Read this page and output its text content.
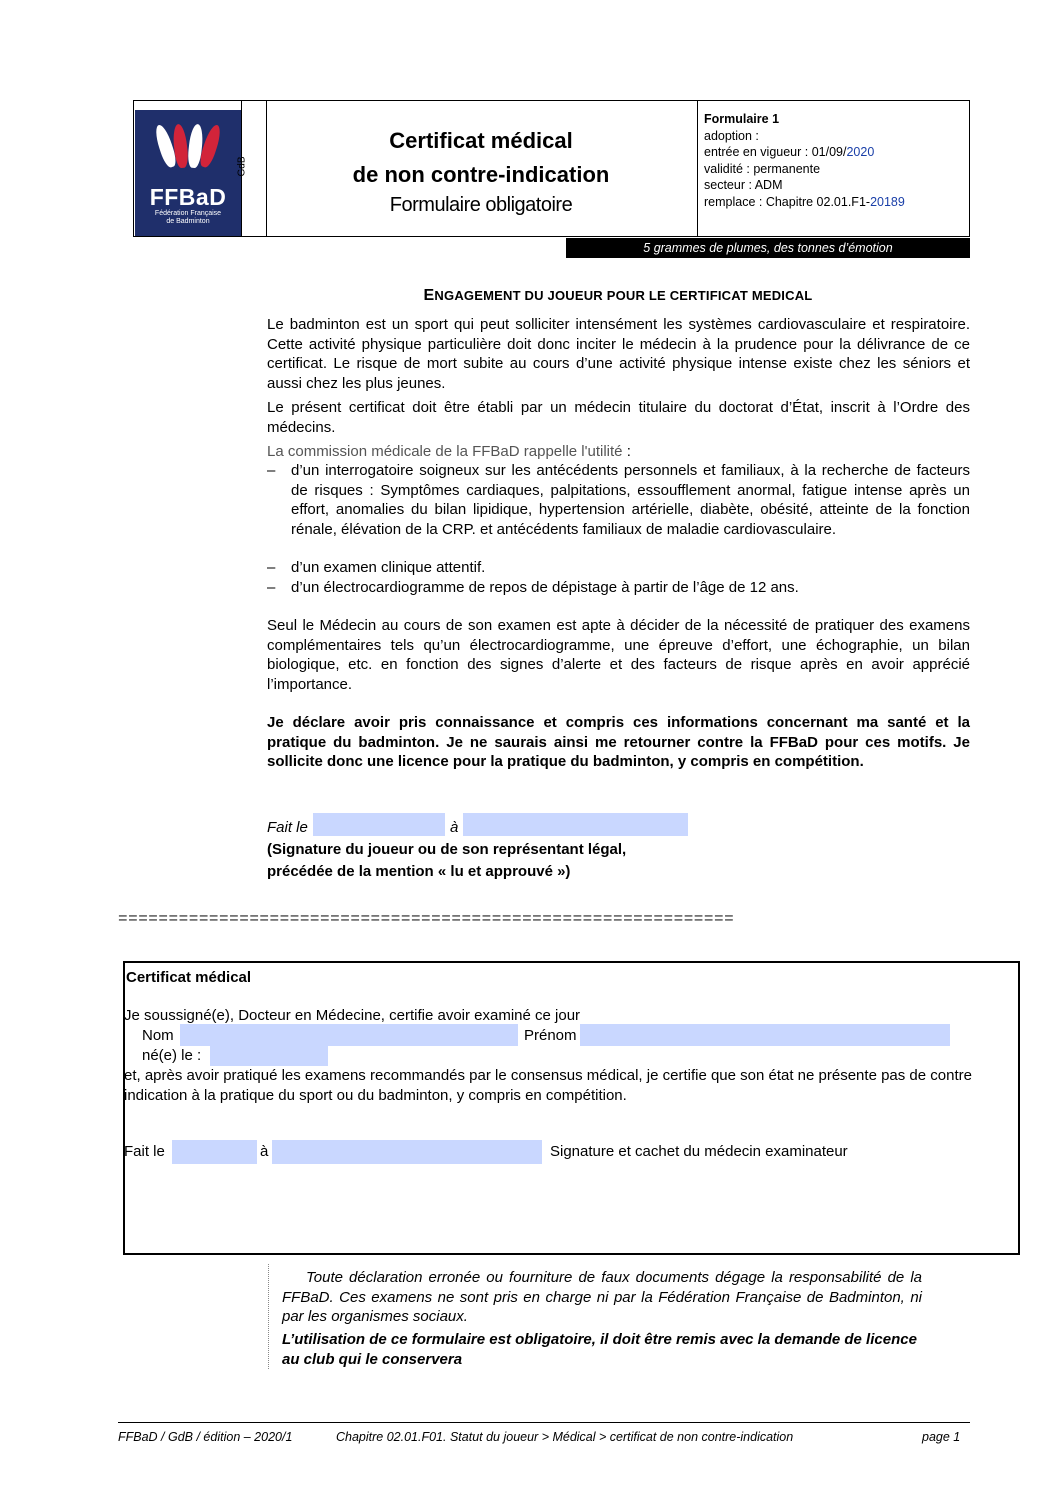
FFBaD
Fédération Française
de Badminton
GdB
Certificat médical
de non contre-indication
Formulaire obligatoire
Formulaire 1
adoption :
entrée en vigueur : 01/09/2020
validité : permanente
secteur : ADM
remplace : Chapitre 02.01.F1-20189
5 grammes de plumes, des tonnes d’émotion
ENGAGEMENT DU JOUEUR POUR LE CERTIFICAT MEDICAL
Le badminton est un sport qui peut solliciter intensément les systèmes cardiovasculaire et respiratoire. Cette activité physique particulière doit donc inciter le médecin à la prudence pour la délivrance de ce certificat. Le risque de mort subite au cours d’une activité physique intense existe chez les séniors et aussi chez les plus jeunes.
Le présent certificat doit être établi par un médecin titulaire du doctorat d’État, inscrit à l’Ordre des médecins.
La commission médicale de la FFBaD rappelle l'utilité :
– d’un interrogatoire soigneux sur les antécédents personnels et familiaux, à la recherche de facteurs de risques : Symptômes cardiaques, palpitations, essoufflement anormal, fatigue intense après un effort, anomalies du bilan lipidique, hypertension artérielle, diabète, obésité, atteinte de la fonction rénale, élévation de la CRP. et antécédents familiaux de maladie cardiovasculaire.
– d’un examen clinique attentif.
– d’un électrocardiogramme de repos de dépistage à partir de l’âge de 12 ans.
Seul le Médecin au cours de son examen est apte à décider de la nécessité de pratiquer des examens complémentaires tels qu’un électrocardiogramme, une épreuve d’effort, une échographie, un bilan biologique, etc. en fonction des signes d’alerte et des facteurs de risque après en avoir apprécié l’importance.
Je déclare avoir pris connaissance et compris ces informations concernant ma santé et la pratique du badminton. Je ne saurais ainsi me retourner contre la FFBaD pour ces motifs. Je sollicite donc une licence pour la pratique du badminton, y compris en compétition.
Fait le	à
(Signature du joueur ou de son représentant légal,
précédée de la mention « lu et approuvé »)
=============================================================
Certificat médical
Je soussigné(e), Docteur en Médecine, certifie avoir examiné ce jour
Nom	Prénom
né(e) le :
et, après avoir pratiqué les examens recommandés par le consensus médical, je certifie que son état ne présente pas de contre indication à la pratique du sport ou du badminton, y compris en compétition.
Fait le	à	Signature et cachet du médecin examinateur
Toute déclaration erronée ou fourniture de faux documents dégage la responsabilité de la FFBaD. Ces examens ne sont pris en charge ni par la Fédération Française de Badminton, ni par les organismes sociaux.
L’utilisation de ce formulaire est obligatoire, il doit être remis avec la demande de licence au club qui le conservera
FFBaD / GdB / édition – 2020/1	Chapitre 02.01.F01. Statut du joueur > Médical > certificat de non contre-indication	page 1
